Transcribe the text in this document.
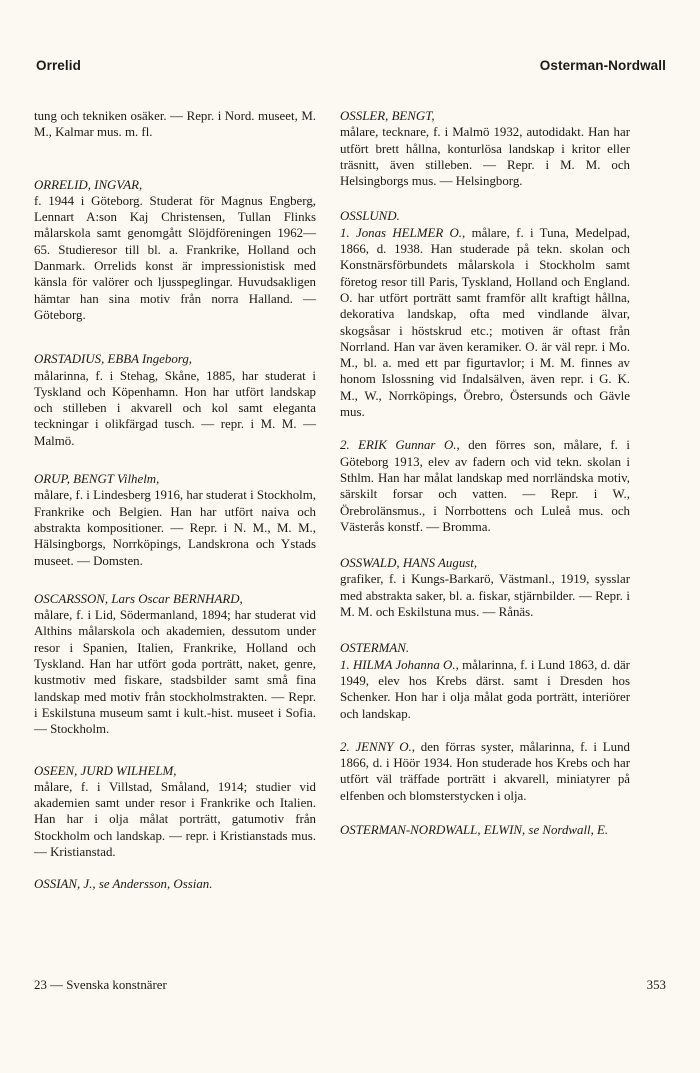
Orrelid	Osterman-Nordwall

tung och tekniken osäker. — Repr. i Nord. museet, M. M., Kalmar mus. m. fl.

ORRELID, INGVAR,

f. 1944 i Göteborg. Studerat för Magnus Engberg, Lennart A:son Kaj Christensen, Tullan Flinks målarskola samt genomgått Slöjdföreningen 1962—65. Studieresor till bl. a. Frankrike, Holland och Danmark. Orrelids konst är impressionistisk med känsla för valörer och ljusspeglingar. Huvudsakligen hämtar han sina motiv från norra Halland. — Göteborg.

ORSTADIUS, EBBA Ingeborg,

målarinna, f. i Stehag, Skåne, 1885, har studerat i Tyskland och Köpenhamn. Hon har utfört landskap och stilleben i akvarell och kol samt eleganta teckningar i olikfärgad tusch. — repr. i M. M. — Malmö.

ORUP, BENGT Vilhelm,

målare, f. i Lindesberg 1916, har studerat i Stockholm, Frankrike och Belgien. Han har utfört naiva och abstrakta kompositioner. — Repr. i N. M., M. M., Hälsingborgs, Norrköpings, Landskrona och Ystads museet. — Domsten.

OSCARSSON, Lars Oscar BERNHARD,

målare, f. i Lid, Södermanland, 1894; har studerat vid Althins målarskola och akademien, dessutom under resor i Spanien, Italien, Frankrike, Holland och Tyskland. Han har utfört goda porträtt, naket, genre, kustmotiv med fiskare, stadsbilder samt små fina landskap med motiv från stockholmstrakten. — Repr. i Eskilstuna museum samt i kult.-hist. museet i Sofia. — Stockholm.

OSEEN, JURD WILHELM,

målare, f. i Villstad, Småland, 1914; studier vid akademien samt under resor i Frankrike och Italien. Han har i olja målat porträtt, gatumotiv från Stockholm och landskap. — repr. i Kristianstads mus. — Kristianstad.

OSSIAN, J., se Andersson, Ossian.

OSSLER, BENGT,

målare, tecknare, f. i Malmö 1932, autodidakt. Han har utfört brett hållna, konturlösa landskap i kritor eller träsnitt, även stilleben. — Repr. i M. M. och Helsingborgs mus. — Helsingborg.

OSSLUND.

1. Jonas HELMER O., målare, f. i Tuna, Medelpad, 1866, d. 1938. Han studerade på tekn. skolan och Konstnärsförbundets målarskola i Stockholm samt företog resor till Paris, Tyskland, Holland och England. O. har utfört porträtt samt framför allt kraftigt hållna, dekorativa landskap, ofta med vindlande älvar, skogsåsar i höstskrud etc.; motiven är oftast från Norrland. Han var även keramiker. O. är väl repr. i Mo. M., bl. a. med ett par figurtavlor; i M. M. finnes av honom Islossning vid Indalsälven, även repr. i G. K. M., W., Norrköpings, Örebro, Östersunds och Gävle mus.

2. ERIK Gunnar O., den förres son, målare, f. i Göteborg 1913, elev av fadern och vid tekn. skolan i Sthlm. Han har målat landskap med norrländska motiv, särskilt forsar och vatten. — Repr. i W., Örebrolänsmus., i Norrbottens och Luleå mus. och Västerås konstf. — Bromma.

OSSWALD, HANS August,

grafiker, f. i Kungs-Barkarö, Västmanl., 1919, sysslar med abstrakta saker, bl. a. fiskar, stjärnbilder. — Repr. i M. M. och Eskilstuna mus. — Rånäs.

OSTERMAN.

1. HILMA Johanna O., målarinna, f. i Lund 1863, d. där 1949, elev hos Krebs därst. samt i Dresden hos Schenker. Hon har i olja målat goda porträtt, interiörer och landskap.

2. JENNY O., den förras syster, målarinna, f. i Lund 1866, d. i Höör 1934. Hon studerade hos Krebs och har utfört väl träffade porträtt i akvarell, miniatyrer på elfenben och blomsterstycken i olja.

OSTERMAN-NORDWALL, ELWIN, se Nordwall, E.

23 — Svenska konstnärer	353
